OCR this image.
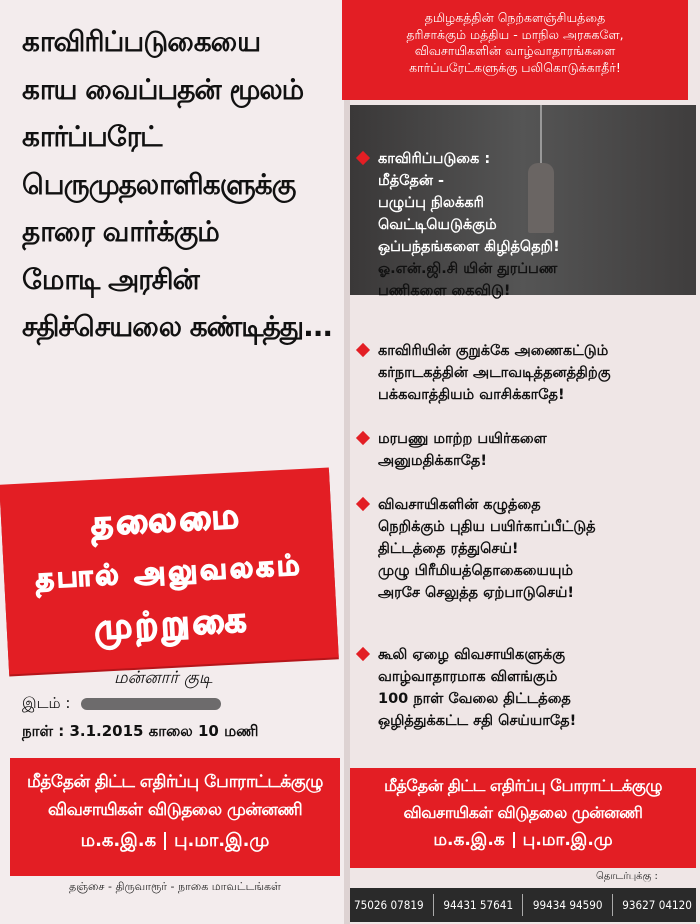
காவிரிப்படுகையை
காய வைப்பதன் மூலம்
கார்ப்பரேட்
பெருமுதலாளிகளுக்கு
தாரை வார்க்கும்
மோடி அரசின்
சதிச்செயலை கண்டித்து...
தலைமை
தபால் அலுவலகம்
முற்றுகை
மன்னார் குடி
இடம் :
நாள் : 3.1.2015 காலை 10 மணி
மீத்தேன் திட்ட எதிர்ப்பு போராட்டக்குழு
விவசாயிகள் விடுதலை முன்னணி
ம.க.இ.க பு.மா.இ.மு
தஞ்சை - திருவாரூர் - நாகை மாவட்டங்கள்
தமிழகத்தின் நெற்களஞ்சியத்தை
தரிசாக்கும் மத்திய - மாநில அரசுகளே,
விவசாயிகளின் வாழ்வாதாரங்களை
கார்ப்பரேட்களுக்கு பலிகொடுக்காதீர்!
காவிரிப்படுகை :
மீத்தேன் -
பழுப்பு நிலக்கரி
வெட்டியெடுக்கும்
ஒப்பந்தங்களை கிழித்தெறி!
ஓ.என்.ஜி.சி யின் துரப்பண
பணிகளை கைவிடு!
காவிரியின் குறுக்கே அணைகட்டும்
கர்நாடகத்தின் அடாவடித்தனத்திற்கு
பக்கவாத்தியம் வாசிக்காதே!
மரபணு மாற்ற பயிர்களை
அனுமதிக்காதே!
விவசாயிகளின் கழுத்தை
நெறிக்கும் புதிய பயிர்காப்பீட்டுத்
திட்டத்தை ரத்துசெய்!
முழு பிரீமியத்தொகையையும்
அரசே செலுத்த ஏற்பாடுசெய்!
கூலி ஏழை விவசாயிகளுக்கு
வாழ்வாதாரமாக விளங்கும்
100 நாள் வேலை திட்டத்தை
ஒழித்துக்கட்ட சதி செய்யாதே!
மீத்தேன் திட்ட எதிர்ப்பு போராட்டக்குழு
விவசாயிகள் விடுதலை முன்னணி
ம.க.இ.க பு.மா.இ.மு
தொடர்புக்கு :
75026 07819 94431 57641 99434 94590 93627 04120
